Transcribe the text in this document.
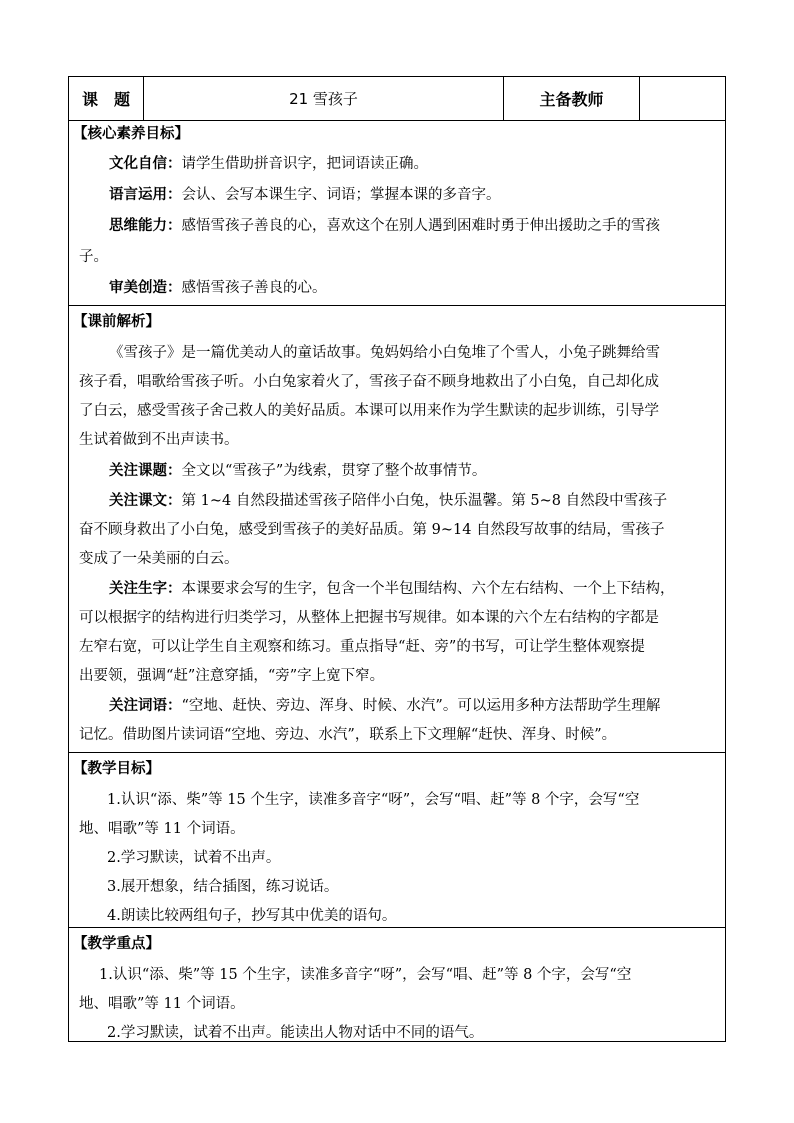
课　题	21 雪孩子	主备教师
【核心素养目标】
文化自信：请学生借助拼音识字，把词语读正确。
语言运用：会认、会写本课生字、词语；掌握本课的多音字。
思维能力：感悟雪孩子善良的心，喜欢这个在别人遇到困难时勇于伸出援助之手的雪孩
子。
审美创造：感悟雪孩子善良的心。
【课前解析】
《雪孩子》是一篇优美动人的童话故事。兔妈妈给小白兔堆了个雪人，小兔子跳舞给雪
孩子看，唱歌给雪孩子听。小白兔家着火了，雪孩子奋不顾身地救出了小白兔，自己却化成
了白云，感受雪孩子舍己救人的美好品质。本课可以用来作为学生默读的起步训练，引导学
生试着做到不出声读书。
关注课题：全文以“雪孩子”为线索，贯穿了整个故事情节。
关注课文：第 1~4 自然段描述雪孩子陪伴小白兔，快乐温馨。第 5~8 自然段中雪孩子
奋不顾身救出了小白兔，感受到雪孩子的美好品质。第 9~14 自然段写故事的结局，雪孩子
变成了一朵美丽的白云。
关注生字：本课要求会写的生字，包含一个半包围结构、六个左右结构、一个上下结构，
可以根据字的结构进行归类学习，从整体上把握书写规律。如本课的六个左右结构的字都是
左窄右宽，可以让学生自主观察和练习。重点指导“赶、旁”的书写，可让学生整体观察提
出要领，强调“赶”注意穿插，“旁”字上宽下窄。
关注词语：“空地、赶快、旁边、浑身、时候、水汽”。可以运用多种方法帮助学生理解
记忆。借助图片读词语“空地、旁边、水汽”，联系上下文理解“赶快、浑身、时候”。
【教学目标】
1.认识“添、柴”等 15 个生字，读准多音字“呀”，会写“唱、赶”等 8 个字，会写“空
地、唱歌”等 11 个词语。
2.学习默读，试着不出声。
3.展开想象，结合插图，练习说话。
4.朗读比较两组句子，抄写其中优美的语句。
【教学重点】
1.认识“添、柴”等 15 个生字，读准多音字“呀”，会写“唱、赶”等 8 个字，会写“空
地、唱歌”等 11 个词语。
2.学习默读，试着不出声。能读出人物对话中不同的语气。
